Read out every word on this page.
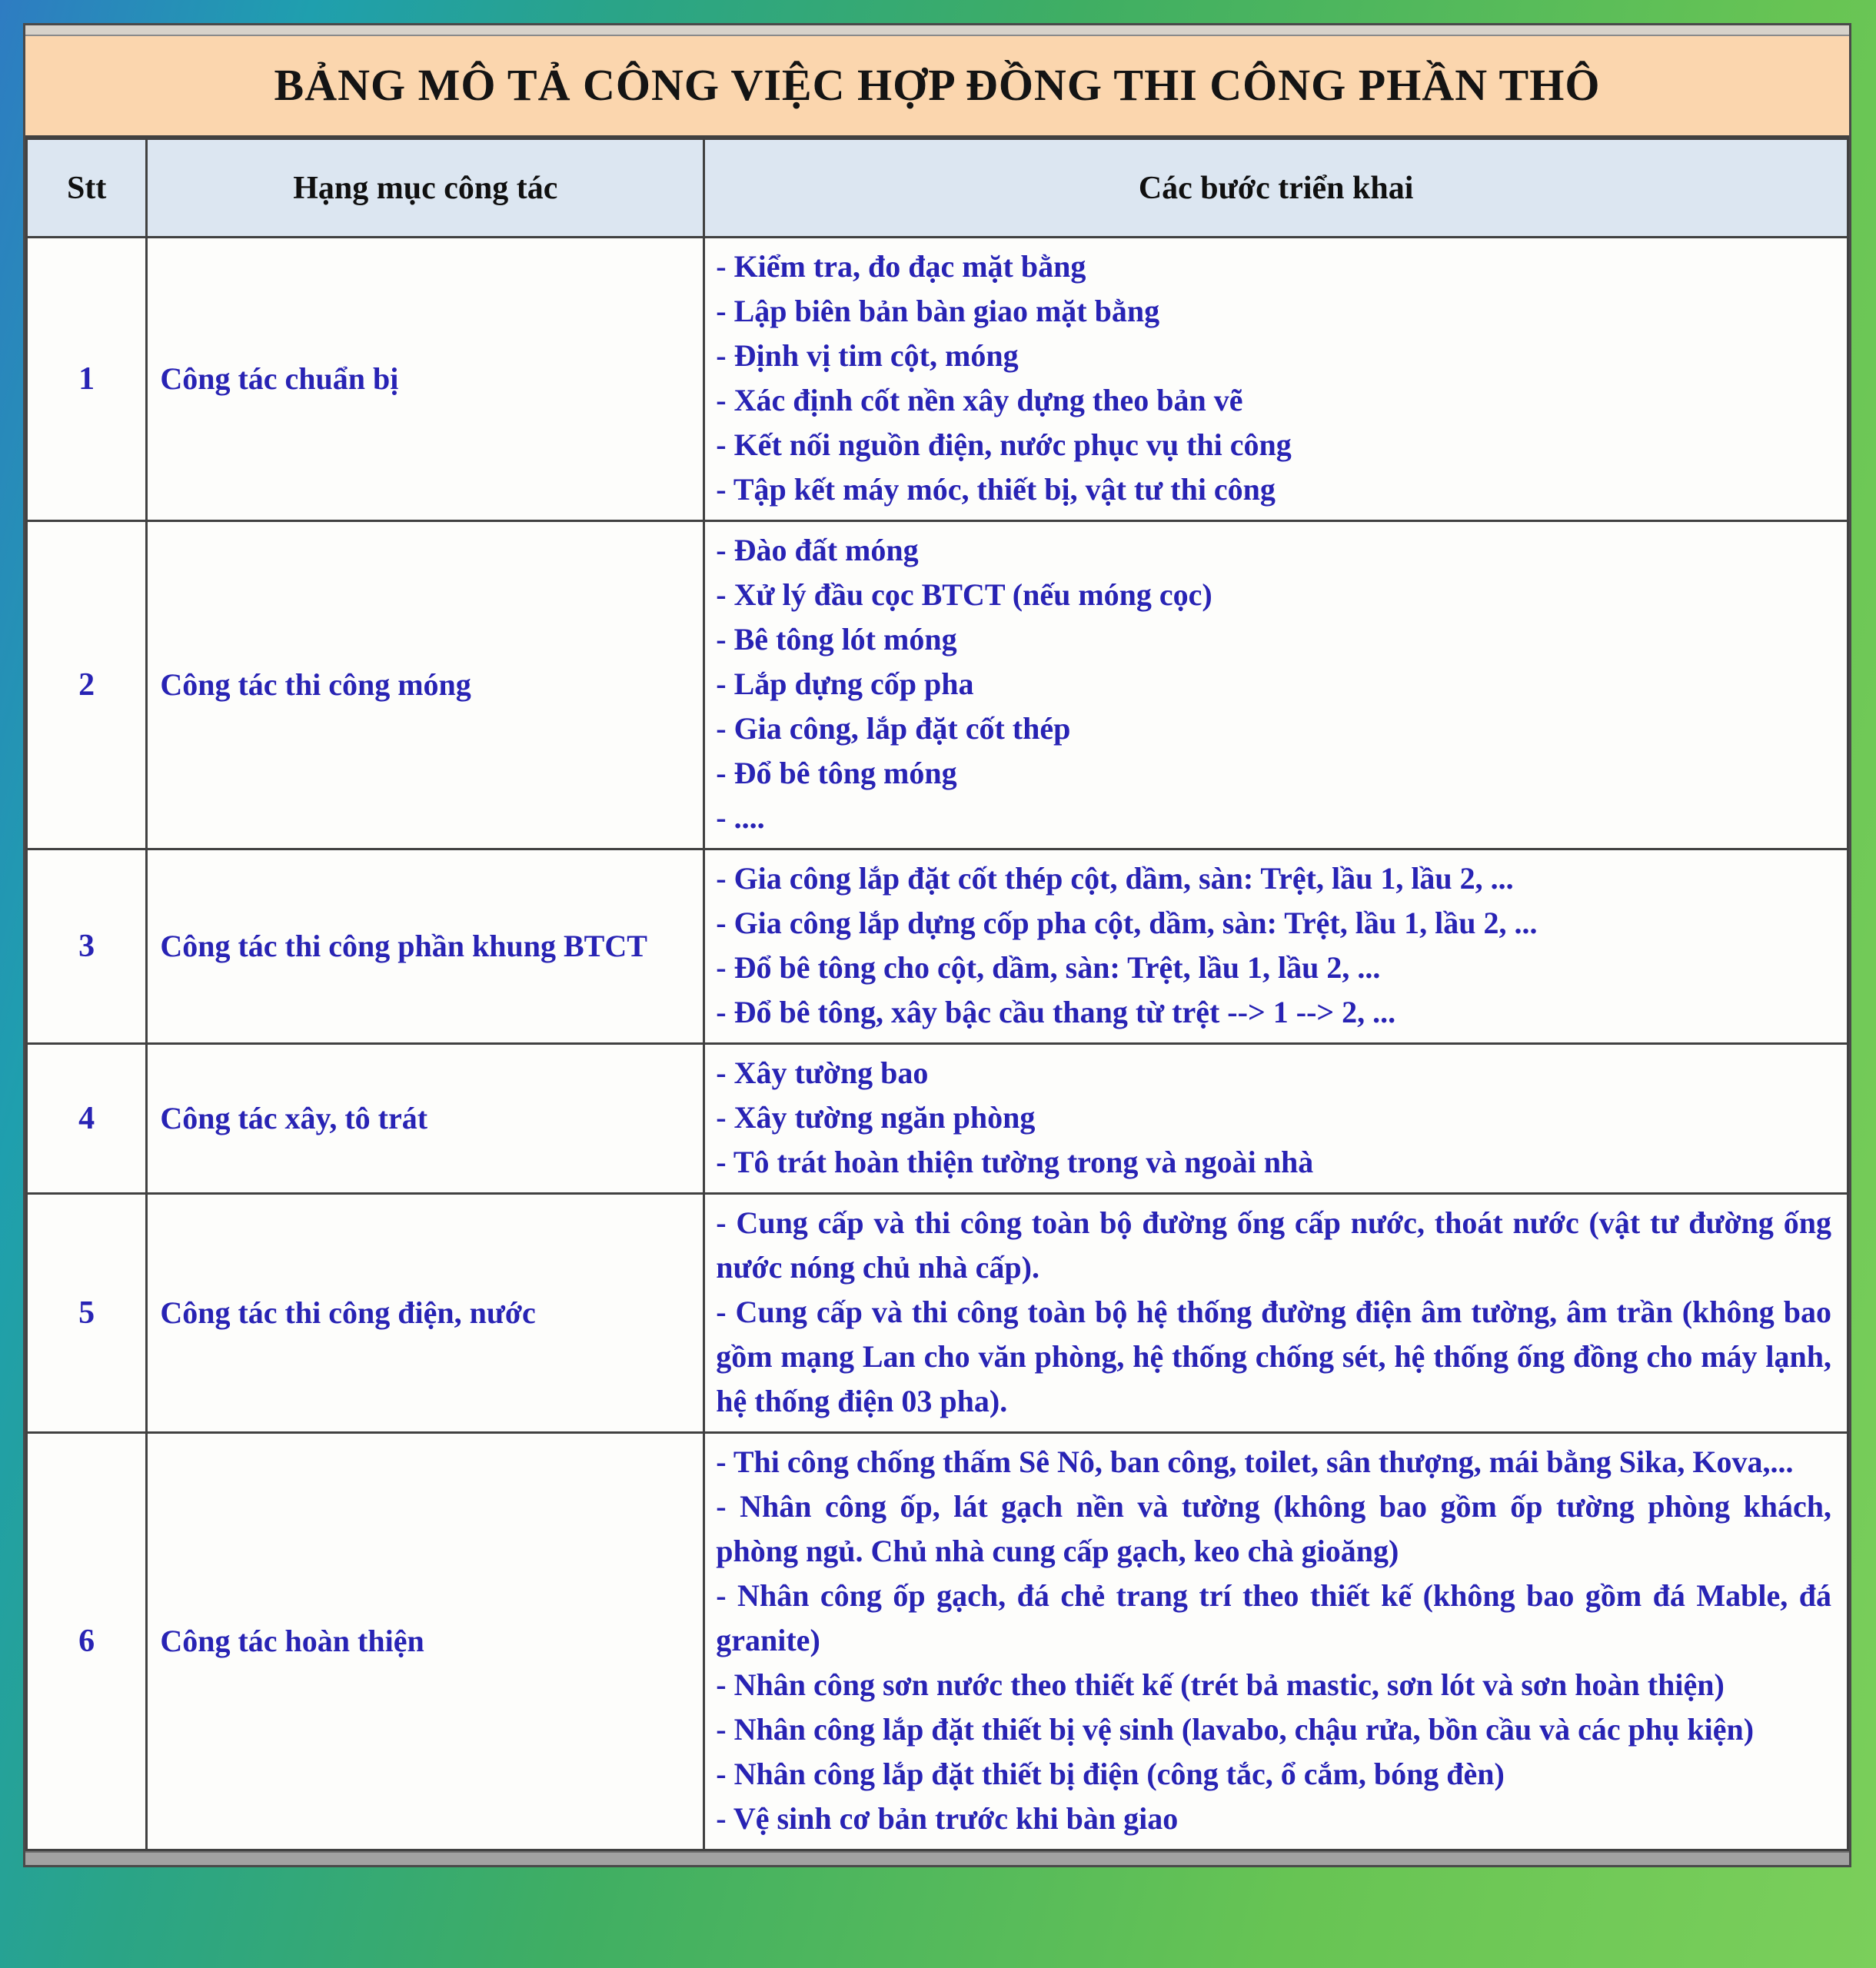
BẢNG MÔ TẢ CÔNG VIỆC HỢP ĐỒNG THI CÔNG PHẦN THÔ
Stt	Hạng mục công tác	Các bước triển khai
1	Công tác chuẩn bị	
- Kiểm tra, đo đạc mặt bằng
- Lập biên bản bàn giao mặt bằng
- Định vị tim cột, móng
- Xác định cốt nền xây dựng theo bản vẽ
- Kết nối nguồn điện, nước phục vụ thi công
- Tập kết máy móc, thiết bị, vật tư thi công

2	Công tác thi công móng	
- Đào đất móng
- Xử lý đầu cọc BTCT (nếu móng cọc)
- Bê tông lót móng
- Lắp dựng cốp pha
- Gia công, lắp đặt cốt thép
- Đổ bê tông móng
- ....

3	Công tác thi công phần khung BTCT	- Gia công lắp đặt cốt thép cột, dầm, sàn: Trệt, lầu 1, lầu 2, ...
- Gia công lắp dựng cốp pha cột, dầm, sàn: Trệt, lầu 1, lầu 2, ...
- Đổ bê tông cho cột, dầm, sàn: Trệt, lầu 1, lầu 2, ...
- Đổ bê tông, xây bậc cầu thang từ trệt --> 1 --> 2, ...

4	Công tác xây, tô trát	- Xây tường bao
- Xây tường ngăn phòng
- Tô trát hoàn thiện tường trong và ngoài nhà

5	Công tác thi công điện, nước	- Cung cấp và thi công toàn bộ đường ống cấp nước, thoát nước (vật tư đường ống nước nóng chủ nhà cấp).
- Cung cấp và thi công toàn bộ hệ thống đường điện âm tường, âm trần (không bao gồm mạng Lan cho văn phòng, hệ thống chống sét, hệ thống ống đồng cho máy lạnh, hệ thống điện 03 pha).

6	Công tác hoàn thiện	
- Thi công chống thấm Sê Nô, ban công, toilet, sân thượng, mái bằng Sika, Kova,...
- Nhân công ốp, lát gạch nền và tường (không bao gồm ốp tường phòng khách, phòng ngủ. Chủ nhà cung cấp gạch, keo chà gioăng)
- Nhân công ốp gạch, đá chẻ trang trí theo thiết kế (không bao gồm đá Mable, đá granite)
- Nhân công sơn nước theo thiết kế (trét bả mastic, sơn lót và sơn hoàn thiện)
- Nhân công lắp đặt thiết bị vệ sinh (lavabo, chậu rửa, bồn cầu và các phụ kiện)
- Nhân công lắp đặt thiết bị điện (công tắc, ổ cắm, bóng đèn)
- Vệ sinh cơ bản trước khi bàn giao
